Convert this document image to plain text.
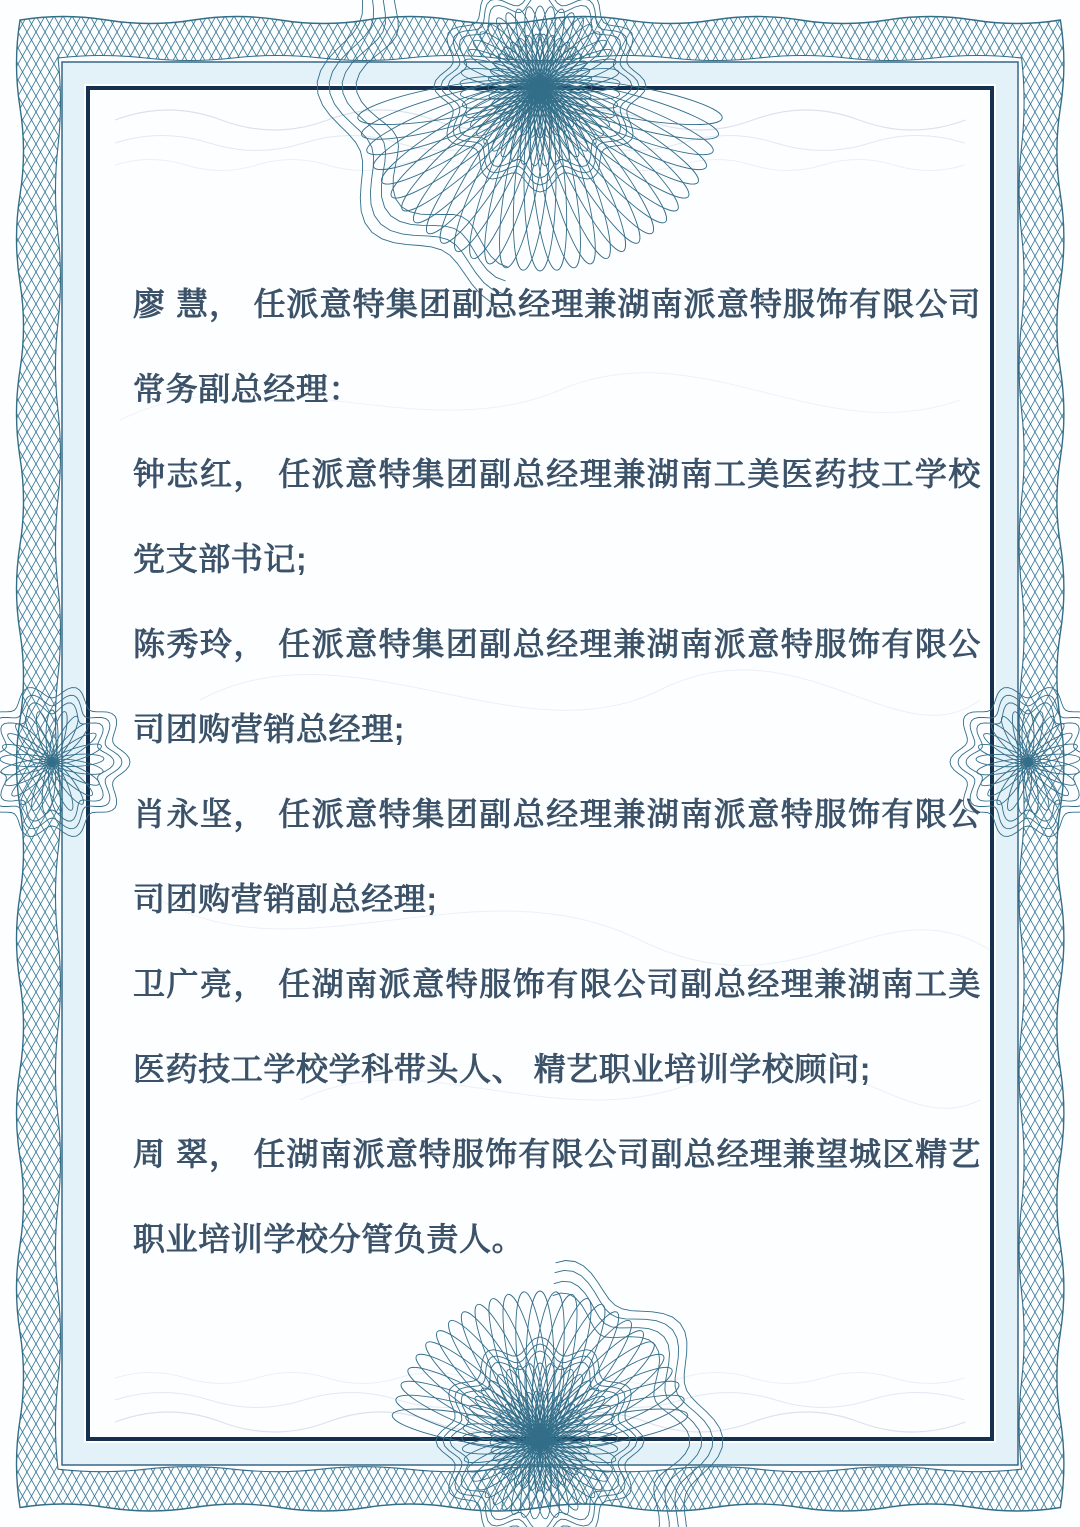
廖 慧， 任派意特集团副总经理兼湖南派意特服饰有限公司常务副总经理：

钟志红， 任派意特集团副总经理兼湖南工美医药技工学校党支部书记;

陈秀玲， 任派意特集团副总经理兼湖南派意特服饰有限公司团购营销总经理;

肖永坚， 任派意特集团副总经理兼湖南派意特服饰有限公司团购营销副总经理;

卫广亮， 任湖南派意特服饰有限公司副总经理兼湖南工美医药技工学校学科带头人、 精艺职业培训学校顾问;

周 翠， 任湖南派意特服饰有限公司副总经理兼望城区精艺职业培训学校分管负责人。
